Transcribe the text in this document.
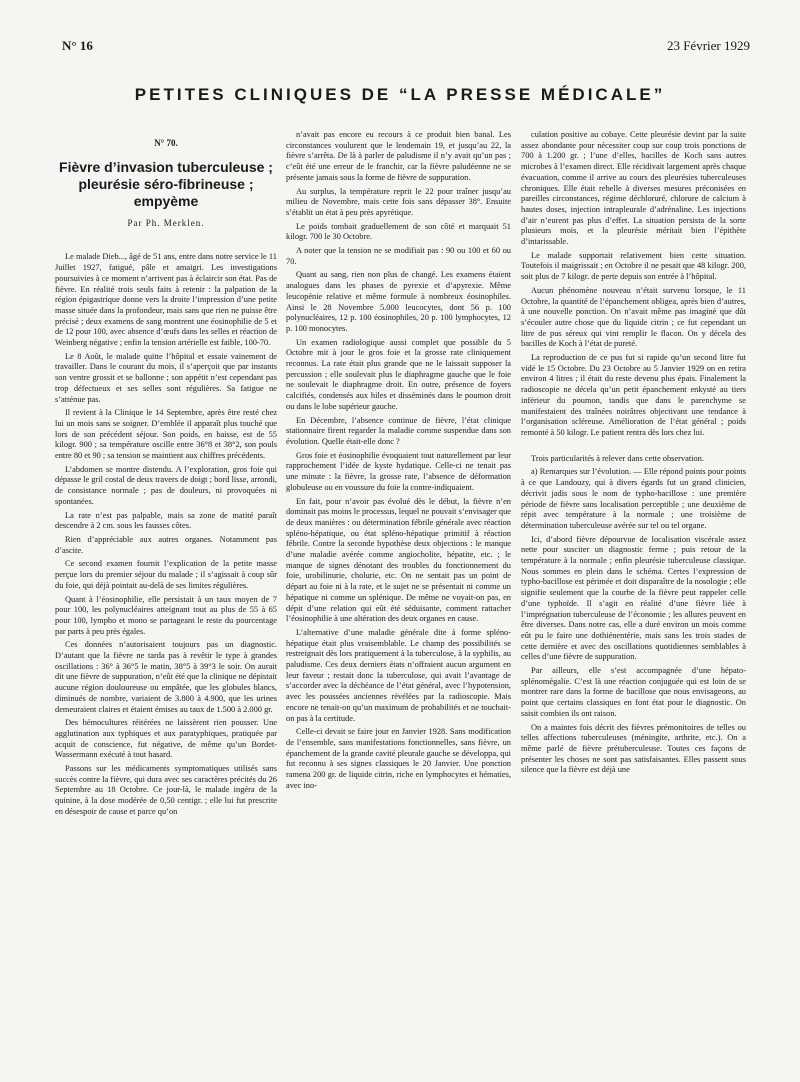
N° 16	23 Février 1929
PETITES CLINIQUES DE “LA PRESSE MÉDICALE”
N° 70.
Fièvre d’invasion tuberculeuse ; pleurésie séro-fibrineuse ; empyème
Par Ph. Merklen.

Le malade Dieb..., âgé de 51 ans, entre dans notre service le 11 Juillet 1927, fatigué, pâle et amaigri. Les investigations poursuivies à ce moment n’arrivent pas à éclaircir son état. Pas de fièvre. En réalité trois seuls faits à retenir : la palpation de la région épigastrique donne vers la droite l’impression d’une petite masse située dans la profondeur, mais sans que rien ne puisse être précisé ; deux examens de sang montrent une éosinophilie de 5 et de 12 pour 100, avec absence d’œufs dans les selles et réaction de Weinberg négative ; enfin la tension artérielle est faible, 100-70.

Le 8 Août, le malade quitte l’hôpital et essaie vainement de travailler. Dans le courant du mois, il s’aperçoit que par instants son ventre grossit et se ballonne ; son appétit n’est cependant pas trop défectueux et ses selles sont régulières. Sa fatigue ne s’atténue pas.

Il revient à la Clinique le 14 Septembre, après être resté chez lui un mois sans se soigner. D’emblée il apparaît plus touché que lors de son précédent séjour. Son poids, en baisse, est de 55 kilogr. 900 ; sa température oscille entre 36°8 et 38°2, son pouls entre 80 et 90 ; sa tension se maintient aux chiffres précédents.

L’abdomen se montre distendu. A l’exploration, gros foie qui dépasse le gril costal de deux travers de doigt ; bord lisse, arrondi, de consistance normale ; pas de douleurs, ni provoquées ni spontanées.

La rate n’est pas palpable, mais sa zone de matité paraît descendre à 2 cm. sous les fausses côtes.

Rien d’appréciable aux autres organes. Notamment pas d’ascite.

Ce second examen fournit l’explication de la petite masse perçue lors du premier séjour du malade ; il s’agissait à coup sûr du foie, qui déjà pointait au-delà de ses limites régulières.

Quant à l’éosinophilie, elle persistait à un taux moyen de 7 pour 100, les polynucléaires atteignant tout au plus de 55 à 65 pour 100, lympho et mono se partageant le reste du pourcentage par parts à peu près égales.

Ces données n’autorisaient toujours pas un diagnostic. D’autant que la fièvre ne tarda pas à revêtir le type à grandes oscillations : 36° à 36°5 le matin, 38°5 à 39°3 le soir. On aurait dit une fièvre de suppuration, n’eût été que la clinique ne dépistait aucune région douloureuse ou empâtée, que les globules blancs, diminués de nombre, variaient de 3.800 à 4.900, que les urines demeuraient claires et étaient émises au taux de 1.500 à 2.000 gr.

Des hémocultures réitérées ne laissèrent rien pousser. Une agglutination aux typhiques et aux paratyphiques, pratiquée par acquit de conscience, fut négative, de même qu’un Bordet-Wassermann exécuté à tout hasard.

Passons sur les médicaments symptomatiques utilisés sans succès contre la fièvre, qui dura avec ses caractères précités du 26 Septembre au 18 Octobre. Ce jour-là, le malade ingéra de la quinine, à la dose modérée de 0,50 centigr. ; elle lui fut prescrite en désespoir de cause et parce qu’on

n’avait pas encore eu recours à ce produit bien banal. Les circonstances voulurent que le lendemain 19, et jusqu’au 22, la fièvre s’arrêta. De là à parler de paludisme il n’y avait qu’un pas ; c’eût été une erreur de le franchir, car la fièvre paludéenne ne se présente jamais sous la forme de fièvre de suppuration.

Au surplus, la température reprit le 22 pour traîner jusqu’au milieu de Novembre, mais cette fois sans dépasser 38°. Ensuite s’établit un état à peu près apyrétique.

Le poids tombait graduellement de son côté et marquait 51 kilogr. 700 le 30 Octobre.

A noter que la tension ne se modifiait pas : 90 ou 100 et 60 ou 70.

Quant au sang, rien non plus de changé. Les examens étaient analogues dans les phases de pyrexie et d’apyrexie. Même leucopénie relative et même formule à nombreux éosinophiles. Ainsi le 28 Novembre 5.000 leucocytes, dont 56 p. 100 polynucléaires, 12 p. 100 éosinophiles, 20 p. 100 lymphocytes, 12 p. 100 monocytes.

Un examen radiologique aussi complet que possible du 5 Octobre mit à jour le gros foie et la grosse rate cliniquement reconnus. La rate était plus grande que ne le laissait supposer la percussion ; elle soulevait plus le diaphragme gauche que le foie ne soulevait le diaphragme droit. En outre, présence de foyers calcifiés, condensés aux hiles et disséminés dans le poumon droit ou dans le lobe supérieur gauche.

En Décembre, l’absence continue de fièvre, l’état clinique stationnaire firent regarder la maladie comme suspendue dans son évolution. Quelle était-elle donc ?

Gros foie et éosinophilie évoquaient tout naturellement par leur rapprochement l’idée de kyste hydatique. Celle-ci ne tenait pas une minute : la fièvre, la grosse rate, l’absence de déformation globuleuse ou en voussure du foie la contre-indiquaient.

En fait, pour n’avoir pas évolué dès le début, la fièvre n’en dominait pas moins le processus, lequel ne pouvait s’envisager que de deux manières : ou détermination fébrile générale avec réaction spléno-hépatique, ou état spléno-hépatique primitif à réaction fébrile. Contre la seconde hypothèse deux objections : le manque d’une maladie avérée comme angiocholite, hépatite, etc. ; le manque de signes dénotant des troubles du fonctionnement du foie, urobilinurie, cholurie, etc. On ne sentait pas un point de départ au foie ni à la rate, et le sujet ne se présentait ni comme un hépatique ni comme un splénique. De même ne voyait-on pas, en dépit d’une relation qui eût été séduisante, comment rattacher l’éosinophilie à une altération des deux organes en cause.

L’alternative d’une maladie générale dite à forme spléno-hépatique était plus vraisemblable. Le champ des possibilités se restreignait dès lors pratiquement à la tuberculose, à la syphilis, au paludisme. Ces deux derniers états n’offraient aucun argument en leur faveur ; restait donc la tuberculose, qui avait l’avantage de s’accorder avec la déchéance de l’état général, avec l’hypotension, avec les poussées anciennes révélées par la radioscopie. Mais encore ne tenait-on qu’un maximum de probabilités et ne touchait-on pas à la certitude.

Celle-ci devait se faire jour en Janvier 1928. Sans modification de l’ensemble, sans manifestations fonctionnelles, sans fièvre, un épanchement de la grande cavité pleurale gauche se développa, qui fut reconnu à ses signes classiques le 20 Janvier. Une ponction ramena 200 gr. de liquide citrin, riche en lymphocytes et hématies, avec ino-

culation positive au cobaye. Cette pleurésie devint par la suite assez abondante pour nécessiter coup sur coup trois ponctions de 700 à 1.200 gr. ; l’une d’elles, bacilles de Koch sans autres microbes à l’examen direct. Elle récidivait largement après chaque évacuation, comme il arrive au cours des pleurésies tuberculeuses chroniques. Elle était rebelle à diverses mesures préconisées en pareilles circonstances, régime déchloruré, chlorure de calcium à hautes doses, injection intrapleurale d’adrénaline. Les injections d’air n’eurent pas plus d’effet. La situation persista de la sorte plusieurs mois, et la pleurésie méritait bien l’épithète d’intarissable.

Le malade supportait relativement bien cette situation. Toutefois il maigrissait ; en Octobre il ne pesait que 48 kilogr. 200, soit plus de 7 kilogr. de perte depuis son entrée à l’hôpital.

Aucun phénomène nouveau n’était survenu lorsque, le 11 Octobre, la quantité de l’épanchement obligea, après bien d’autres, à une nouvelle ponction. On n’avait même pas imaginé que dût s’écouler autre chose que du liquide citrin ; ce fut cependant un litre de pus séreux qui vint remplir le flacon. On y décela des bacilles de Koch à l’état de pureté.

La reproduction de ce pus fut si rapide qu’un second litre fut vidé le 15 Octobre. Du 23 Octobre au 5 Janvier 1929 on en retira environ 4 litres ; il était du reste devenu plus épais. Finalement la radioscopie ne décela qu’un petit épanchement enkysté au tiers inférieur du poumon, tandis que dans le parenchyme se manifestaient des traînées noirâtres objectivant une tendance à l’organisation scléreuse. Amélioration de l’état général ; poids remonté à 50 kilogr. Le patient rentra dès lors chez lui.

Trois particularités à relever dans cette observation.

a) Remarques sur l’évolution. — Elle répond points pour points à ce que Landouzy, qui à divers égards fut un grand clinicien, décrivit jadis sous le nom de typho-bacillose : une première période de fièvre sans localisation perceptible ; une deuxième de répit avec température à la normale ; une troisième de détermination tuberculeuse avérée sur tel ou tel organe.

Ici, d’abord fièvre dépourvue de localisation viscérale assez nette pour susciter un diagnostic ferme ; puis retour de la température à la normale ; enfin pleurésie tuberculeuse classique. Nous sommes en plein dans le schéma. Certes l’expression de typho-bacillose est périmée et doit disparaître de la nosologie ; elle signifie seulement que la courbe de la fièvre peut rappeler celle d’une typhoïde. Il s’agit en réalité d’une fièvre liée à l’imprégnation tuberculeuse de l’économie ; les allures peuvent en être diverses. Dans notre cas, elle a duré environ un mois comme eût pu le faire une dothiénentérie, mais sans les trois stades de cette dernière et avec des oscillations quotidiennes semblables à celles d’une fièvre de suppuration.

Par ailleurs, elle s’est accompagnée d’une hépato-splénomégalie. C’est là une réaction conjuguée qui est loin de se montrer rare dans la forme de bacillose que nous envisageons, au point que certains classiques en font état pour le diagnostic. On saisit combien ils ont raison.

On a maintes fois décrit des fièvres prémonitoires de telles ou telles affections tuberculeuses (méningite, arthrite, etc.). On a même parlé de fièvre prétuberculeuse. Toutes ces façons de présenter les choses ne sont pas satisfaisantes. Elles passent sous silence que la fièvre est déjà une
